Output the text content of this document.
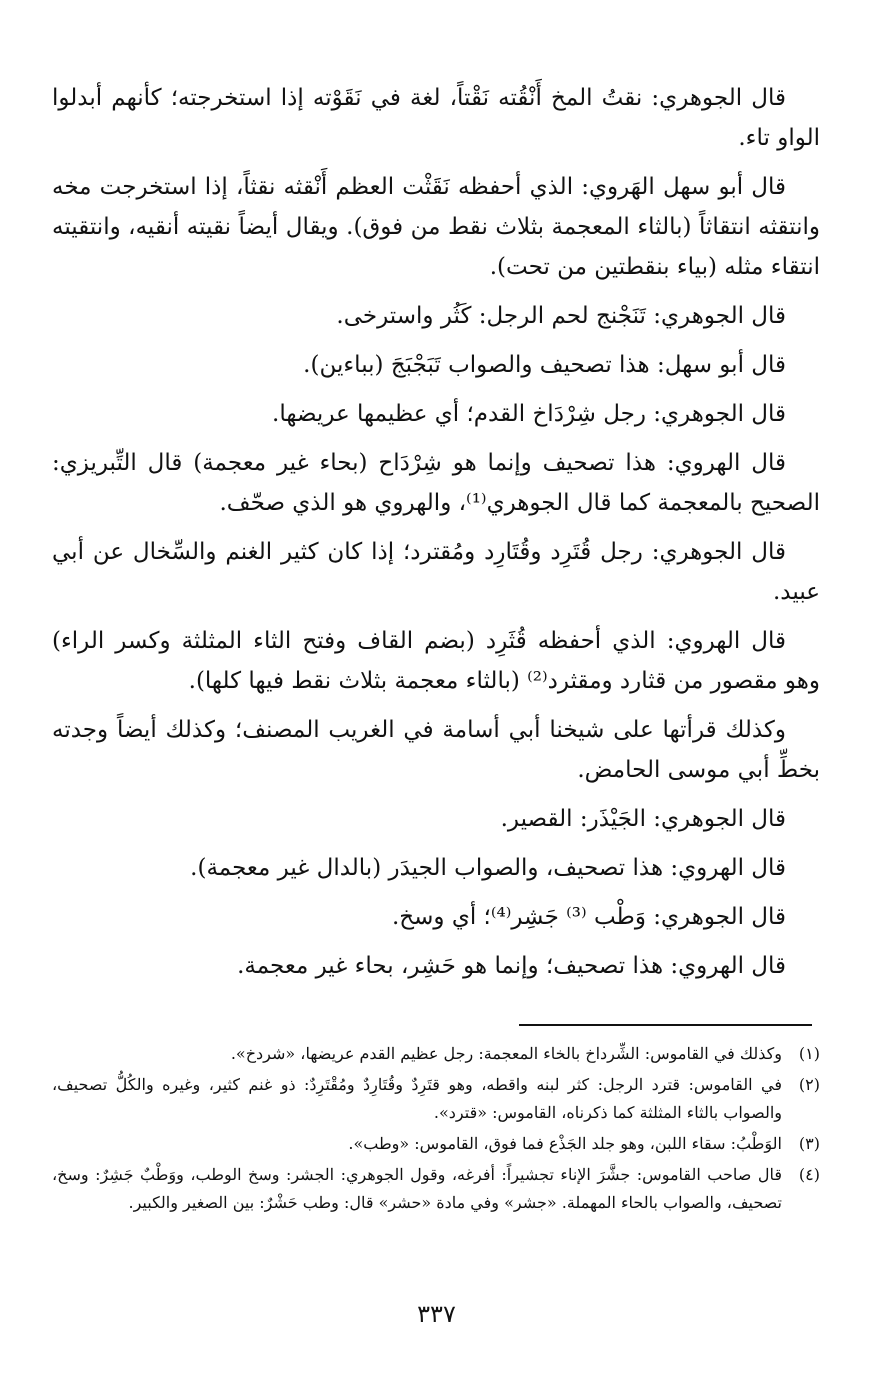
قال الجوهري: نقتُ المخ أَنْقُته نَقْتاً، لغة في نَقَوْته إذا استخرجته؛ كأنهم أبدلوا الواو تاء.

قال أبو سهل الهَروي: الذي أحفظه نَقَثْت العظم أَنْقثه نقثاً، إذا استخرجت مخه وانتقثه انتقاثاً (بالثاء المعجمة بثلاث نقط من فوق). ويقال أيضاً نقيته أنقيه، وانتقيته انتقاء مثله (بياء بنقطتين من تحت).

قال الجوهري: تَنَجْنج لحم الرجل: كَثُر واسترخى.

قال أبو سهل: هذا تصحيف والصواب تَبَجْبَجَ (بباءين).

قال الجوهري: رجل شِرْدَاخ القدم؛ أي عظيمها عريضها.

قال الهروي: هذا تصحيف وإنما هو شِرْدَاح (بحاء غير معجمة) قال التِّبريزي: الصحيح بالمعجمة كما قال الجوهري⁽¹⁾، والهروي هو الذي صحّف.

قال الجوهري: رجل قُتَرِد وقُتَارِد ومُقترد؛ إذا كان كثير الغنم والسِّخال عن أبي عبيد.

قال الهروي: الذي أحفظه قُثَرِد (بضم القاف وفتح الثاء المثلثة وكسر الراء) وهو مقصور من قثارد ومقثرد⁽²⁾ (بالثاء معجمة بثلاث نقط فيها كلها).

وكذلك قرأتها على شيخنا أبي أسامة في الغريب المصنف؛ وكذلك أيضاً وجدته بخطِّ أبي موسى الحامض.

قال الجوهري: الجَيْذَر: القصير.

قال الهروي: هذا تصحيف، والصواب الجيدَر (بالدال غير معجمة).

قال الجوهري: وَطْب ⁽³⁾ جَشِر⁽⁴⁾؛ أي وسخ.

قال الهروي: هذا تصحيف؛ وإنما هو حَشِر، بحاء غير معجمة.

(١)
وكذلك في القاموس: الشِّرداخ بالخاء المعجمة: رجل عظيم القدم عريضها، «شردخ».
(٢)
في القاموس: قترد الرجل: كثر لبنه واقطه، وهو قتَرِدٌ وقُتَارِدٌ ومُقْتَرِدٌ: ذو غنم كثير، وغيره والكُلُّ تصحيف، والصواب بالثاء المثلثة كما ذكرناه، القاموس: «قترد».
(٣)
الوَطْبُ: سقاء اللبن، وهو جلد الجَذْع فما فوق، القاموس: «وطب».
(٤)
قال صاحب القاموس: جشَّرَ الإناء تجشيراً: أفرغه، وقول الجوهري: الجشر: وسخ الوطب، ووَطْبٌ جَشِرٌ: وسخ، تصحيف، والصواب بالحاء المهملة. «جشر» وفي مادة «حشر» قال: وطب حَشْرٌ: بين الصغير والكبير.
٣٣٧
